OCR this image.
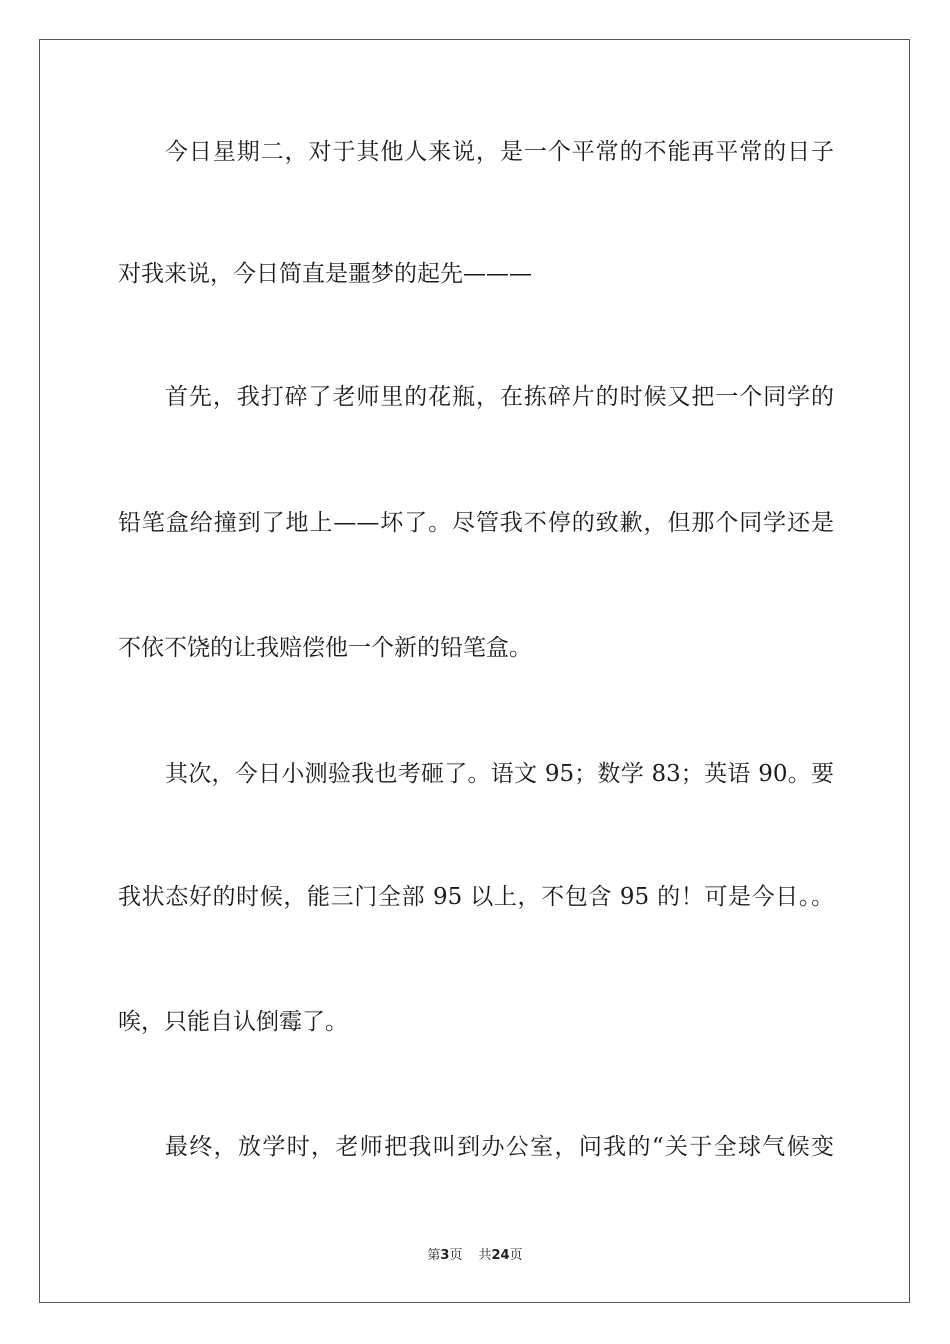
今日星期二，对于其他人来说，是一个平常的不能再平常的日子
对我来说，今日简直是噩梦的起先———
首先，我打碎了老师里的花瓶，在拣碎片的时候又把一个同学的
铅笔盒给撞到了地上——坏了。尽管我不停的致歉，但那个同学还是
不依不饶的让我赔偿他一个新的铅笔盒。
其次，今日小测验我也考砸了。语文 95；数学 83；英语 90。要
我状态好的时候，能三门全部 95 以上，不包含 95 的！可是今日。。
唉，只能自认倒霉了。
最终，放学时，老师把我叫到办公室，问我的“关于全球气候变
第3页 共24页
